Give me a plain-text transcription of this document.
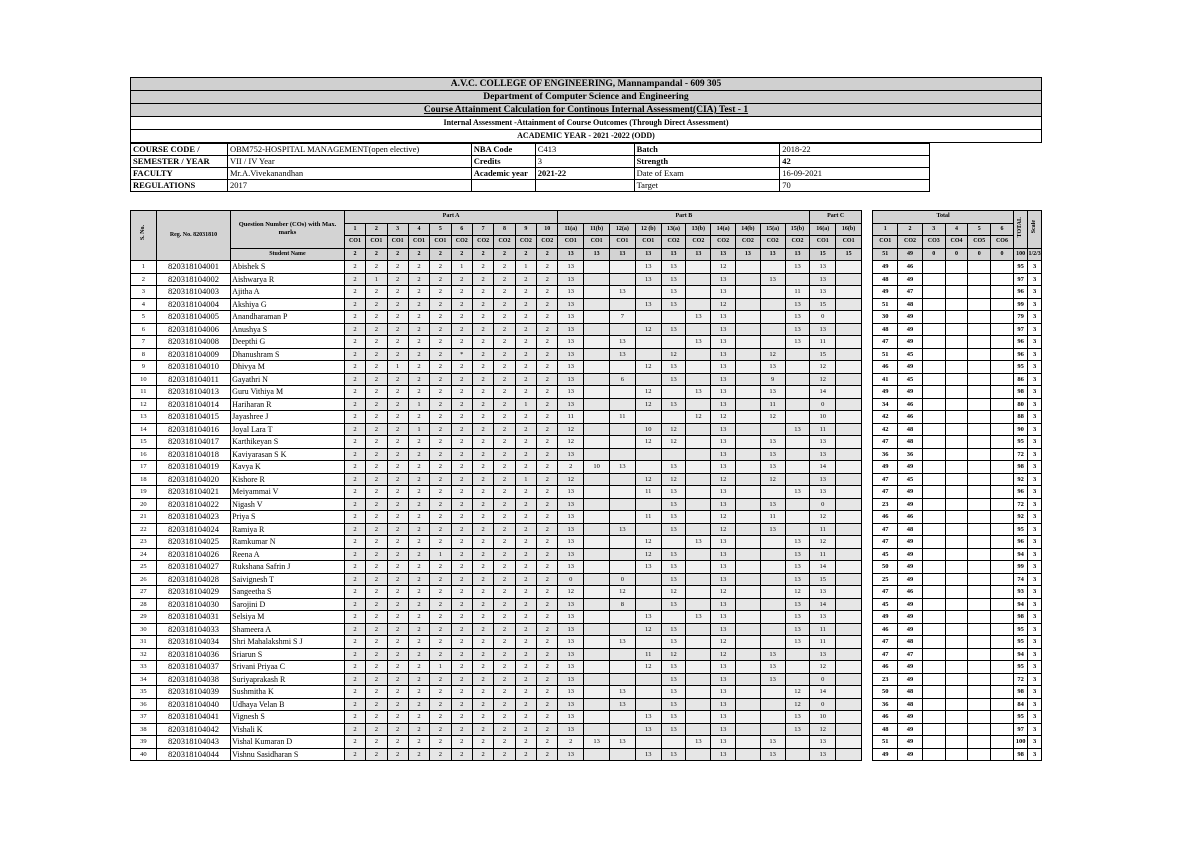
A.V.C. COLLEGE OF ENGINEERING, Mannampandal - 609 305
Department of Computer Science and Engineering
Course Attainment Calculation for Continous Internal Assessment(CIA) Test - 1
Internal Assessment -Attainment of Course Outcomes (Through Direct Assessment)
ACADEMIC YEAR - 2021 -2022 (ODD)
COURSE CODE /	OBM752-HOSPITAL MANAGEMENT(open elective)	NBA Code	C413	Batch	2018-22
SEMESTER / YEAR	VII / IV Year	Credits	3	Strength	42
FACULTY	Mr.A.Vivekanandhan	Academic year	2021-22	Date of Exam	16-09-2021
REGULATIONS	2017			Target	70
S. No.	Reg. No. 82031810	Question Number (COs) with Max. marks	Part A										Part B										Part C			Total						TOTAL	Scale
			1	2	3	4	5	6	7	8	9	10	11(a)	11(b)	12(a)	12 (b)	13(a)	13(b)	14(a)	14(b)	15(a)	15(b)	16(a)	16(b)		1	2	3	4	5	6		
			CO1	CO1	CO1	CO1	CO1	CO2	CO2	CO2	CO2	CO2	CO1	CO1	CO1	CO1	CO2	CO2	CO2	CO2	CO2	CO2	CO1	CO1		CO1	CO2	CO3	CO4	CO5	CO6		
		Student Name	2	2	2	2	2	2	2	2	2	2	13	13	13	13	13	13	13	13	13	13	15	15		51	49	0	0	0	0	100	1/2/3
1	820318104001	Abishek S	2	2	2	2	2	1	2	2	1	2	13			13	13		12			13	13			49	46					95	3
2	820318104002	Aishwarya R	2	1	2	2	2	2	2	2	2	2	13			13	13		13		13		13			48	49					97	3
3	820318104003	Ajitha A	2	2	2	2	2	2	2	2	2	2	13		13		13		13			11	13			49	47					96	3
4	820318104004	Akshiya G	2	2	2	2	2	2	2	2	2	2	13			13	13		12			13	15			51	48					99	3
5	820318104005	Anandharaman P	2	2	2	2	2	2	2	2	2	2	13		7			13	13			13	0			30	49					79	3
6	820318104006	Anushya S	2	2	2	2	2	2	2	2	2	2	13			12	13		13			13	13			48	49					97	3
7	820318104008	Deepthi G	2	2	2	2	2	2	2	2	2	2	13		13			13	13			13	11			47	49					96	3
8	820318104009	Dhanushram S	2	2	2	2	2	*	2	2	2	2	13		13		12		13		12		15			51	45					96	3
9	820318104010	Dhivya M	2	2	1	2	2	2	2	2	2	2	13			12	13		13		13		12			46	49					95	3
10	820318104011	Gayathri N	2	2	2	2	2	2	2	2	2	2	13		6		13		13		9		12			41	45					86	3
11	820318104013	Guru Vithiya M	2	2	2	2	2	2	2	2	2	2	13			12		13	13		13		14			49	49					98	3
12	820318104014	Hariharan R	2	2	2	1	2	2	2	2	1	2	13			12	13		13		11		0			34	46					80	3
13	820318104015	Jayashree J	2	2	2	2	2	2	2	2	2	2	11		11			12	12		12		10			42	46					88	3
14	820318104016	Joyal Lara T	2	2	2	1	2	2	2	2	2	2	12			10	12		13			13	11			42	48					90	3
15	820318104017	Karthikeyan S	2	2	2	2	2	2	2	2	2	2	12			12	12		13		13		13			47	48					95	3
16	820318104018	Kaviyarasan S K	2	2	2	2	2	2	2	2	2	2	13						13		13		13			36	36					72	3
17	820318104019	Kavya K	2	2	2	2	2	2	2	2	2	2	2	10	13		13		13		13		14			49	49					98	3
18	820318104020	Kishore R	2	2	2	2	2	2	2	2	1	2	12			12	12		12		12		13			47	45					92	3
19	820318104021	Meiyammai V	2	2	2	2	2	2	2	2	2	2	13			11	13		13			13	13			47	49					96	3
20	820318104022	Nigash V	2	2	2	2	2	2	2	2	2	2	13				13		13		13		0			23	49					72	3
21	820318104023	Priya S	2	2	2	2	2	2	2	2	2	2	13			11	13		12		11		12			46	46					92	3
22	820318104024	Ramiya R	2	2	2	2	2	2	2	2	2	2	13		13		13		12		13		11			47	48					95	3
23	820318104025	Ramkumar N	2	2	2	2	2	2	2	2	2	2	13			12		13	13			13	12			47	49					96	3
24	820318104026	Reena A	2	2	2	2	1	2	2	2	2	2	13			12	13		13			13	11			45	49					94	3
25	820318104027	Rukshana Safrin J	2	2	2	2	2	2	2	2	2	2	13			13	13		13			13	14			50	49					99	3
26	820318104028	Saivignesh T	2	2	2	2	2	2	2	2	2	2	0		0		13		13			13	15			25	49					74	3
27	820318104029	Sangeetha S	2	2	2	2	2	2	2	2	2	2	12		12		12		12			12	13			47	46					93	3
28	820318104030	Sarojini D	2	2	2	2	2	2	2	2	2	2	13		8		13		13			13	14			45	49					94	3
29	820318104031	Selsiya M	2	2	2	2	2	2	2	2	2	2	13			13		13	13			13	13			49	49					98	3
30	820318104033	Shameera A	2	2	2	2	2	2	2	2	2	2	13			12	13		13			13	11			46	49					95	3
31	820318104034	Shri Mahalakshmi S J	2	2	2	2	2	2	2	2	2	2	13		13		13		12			13	11			47	48					95	3
32	820318104036	Sriarun S	2	2	2	2	2	2	2	2	2	2	13			11	12		12		13		13			47	47					94	3
33	820318104037	Srivani Priyaa C	2	2	2	2	1	2	2	2	2	2	13			12	13		13		13		12			46	49					95	3
34	820318104038	Suriyaprakash R	2	2	2	2	2	2	2	2	2	2	13				13		13		13		0			23	49					72	3
35	820318104039	Sushmitha K	2	2	2	2	2	2	2	2	2	2	13		13		13		13			12	14			50	48					98	3
36	820318104040	Udhaya Velan B	2	2	2	2	2	2	2	2	2	2	13		13		13		13			12	0			36	48					84	3
37	820318104041	Vignesh S	2	2	2	2	2	2	2	2	2	2	13			13	13		13			13	10			46	49					95	3
38	820318104042	Vishali K	2	2	2	2	2	2	2	2	2	2	13			13	13		13			13	12			48	49					97	3
39	820318104043	Vishal Kumaran D	2	2	2	2	2	2	2	2	2	2	2	13	13			13	13		13		13			51	49					100	3
40	820318104044	Vishnu Sasidharan S	2	2	2	2	2	2	2	2	2	2	13			13	13		13		13		13			49	49					98	3
